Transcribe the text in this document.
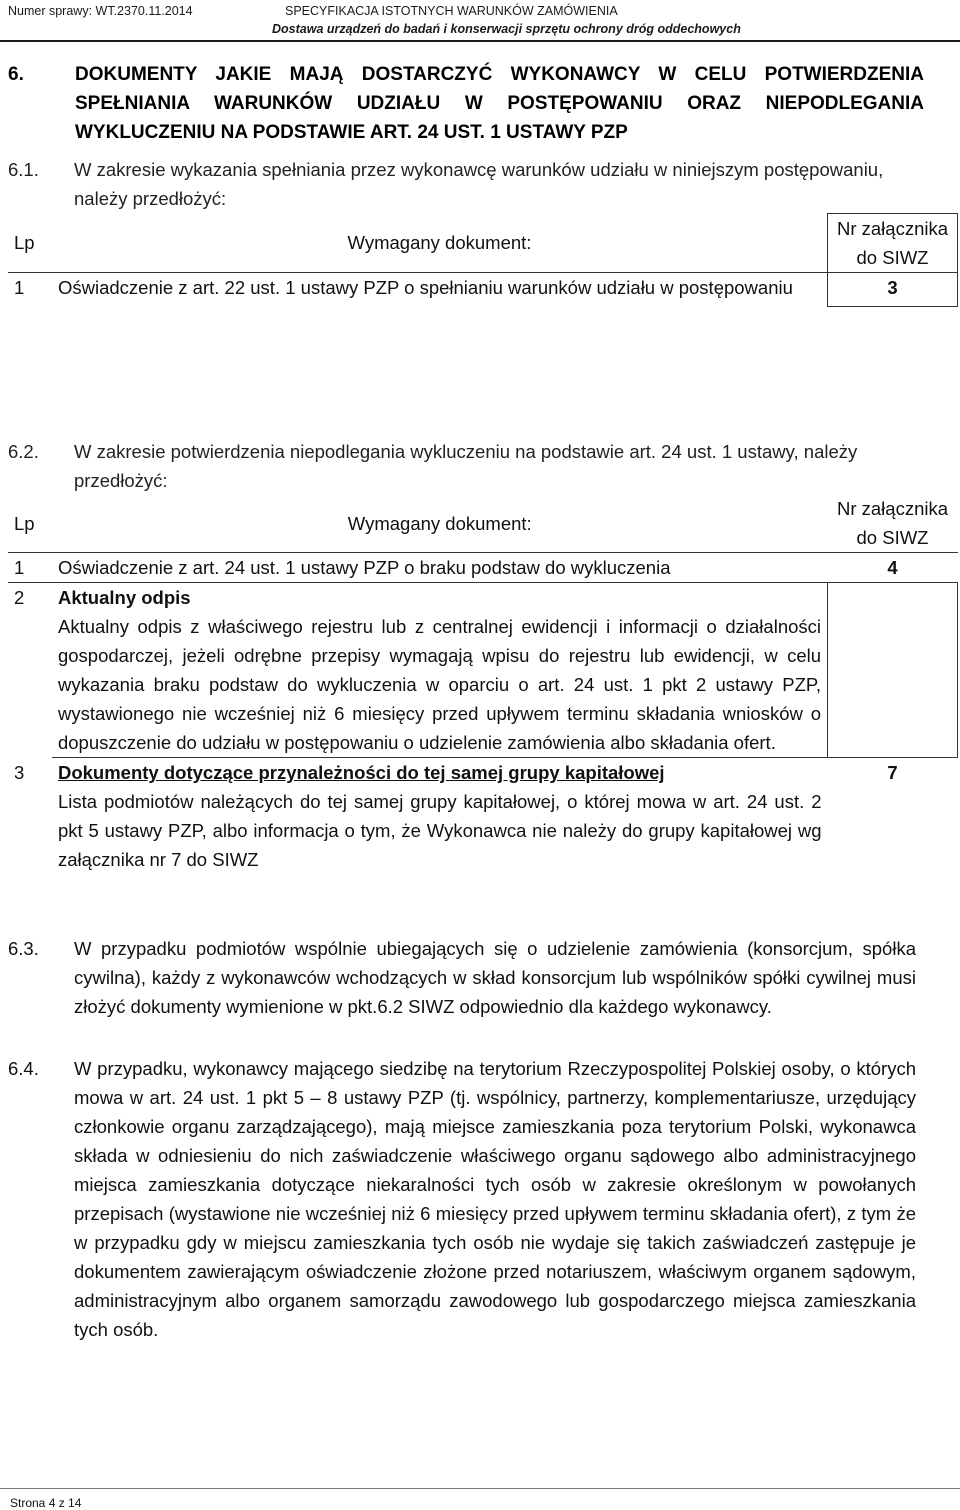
Numer sprawy: WT.2370.11.2014	SPECYFIKACJA ISTOTNYCH WARUNKÓW ZAMÓWIENIA
Dostawa urządzeń do badań i konserwacji sprzętu ochrony dróg oddechowych
6.	DOKUMENTY JAKIE MAJĄ DOSTARCZYĆ WYKONAWCY W CELU POTWIERDZENIA SPEŁNIANIA WARUNKÓW UDZIAŁU W POSTĘPOWANIU ORAZ NIEPODLEGANIA WYKLUCZENIU NA PODSTAWIE ART. 24 UST. 1 USTAWY PZP
6.1. W zakresie wykazania spełniania przez wykonawcę warunków udziału w niniejszym postępowaniu, należy przedłożyć:
Lp	Wymagany dokument:	Nr załącznika do SIWZ
1	Oświadczenie z art. 22 ust. 1 ustawy PZP o spełnianiu warunków udziału w postępowaniu	3
6.2. W zakresie potwierdzenia niepodlegania wykluczeniu na podstawie art. 24 ust. 1 ustawy, należy przedłożyć:
Lp	Wymagany dokument:	Nr załącznika do SIWZ
1	Oświadczenie z art. 24 ust. 1 ustawy PZP o braku podstaw do wykluczenia	4
2	Aktualny odpis
Aktualny odpis z właściwego rejestru lub z centralnej ewidencji i informacji o działalności gospodarczej, jeżeli odrębne przepisy wymagają wpisu do rejestru lub ewidencji, w celu wykazania braku podstaw do wykluczenia w oparciu o art. 24 ust. 1 pkt 2 ustawy PZP, wystawionego nie wcześniej niż 6 miesięcy przed upływem terminu składania wniosków o dopuszczenie do udziału w postępowaniu o udzielenie zamówienia albo składania ofert.	

3	Dokumenty dotyczące przynależności do tej samej grupy kapitałowej
Lista podmiotów należących do tej samej grupy kapitałowej, o której mowa w art. 24 ust. 2 pkt 5 ustawy PZP, albo informacja o tym, że Wykonawca nie należy do grupy kapitałowej wg załącznika nr 7 do SIWZ	7
6.3. W przypadku podmiotów wspólnie ubiegających się o udzielenie zamówienia (konsorcjum, spółka cywilna), każdy z wykonawców wchodzących w skład konsorcjum lub wspólników spółki cywilnej musi złożyć dokumenty wymienione w pkt.6.2 SIWZ odpowiednio dla każdego wykonawcy.
6.4. W przypadku, wykonawcy mającego siedzibę na terytorium Rzeczypospolitej Polskiej osoby, o których mowa w art. 24 ust. 1 pkt 5 – 8 ustawy PZP (tj. wspólnicy, partnerzy, komplementariusze, urzędujący członkowie organu zarządzającego), mają miejsce zamieszkania poza terytorium Polski, wykonawca składa w odniesieniu do nich zaświadczenie właściwego organu sądowego albo administracyjnego miejsca zamieszkania dotyczące niekaralności tych osób w zakresie określonym w powołanych przepisach (wystawione nie wcześniej niż 6 miesięcy przed upływem terminu składania ofert), z tym że w przypadku gdy w miejscu zamieszkania tych osób nie wydaje się takich zaświadczeń zastępuje je dokumentem zawierającym oświadczenie złożone przed notariuszem, właściwym organem sądowym, administracyjnym albo organem samorządu zawodowego lub gospodarczego miejsca zamieszkania tych osób.
Strona 4 z 14
